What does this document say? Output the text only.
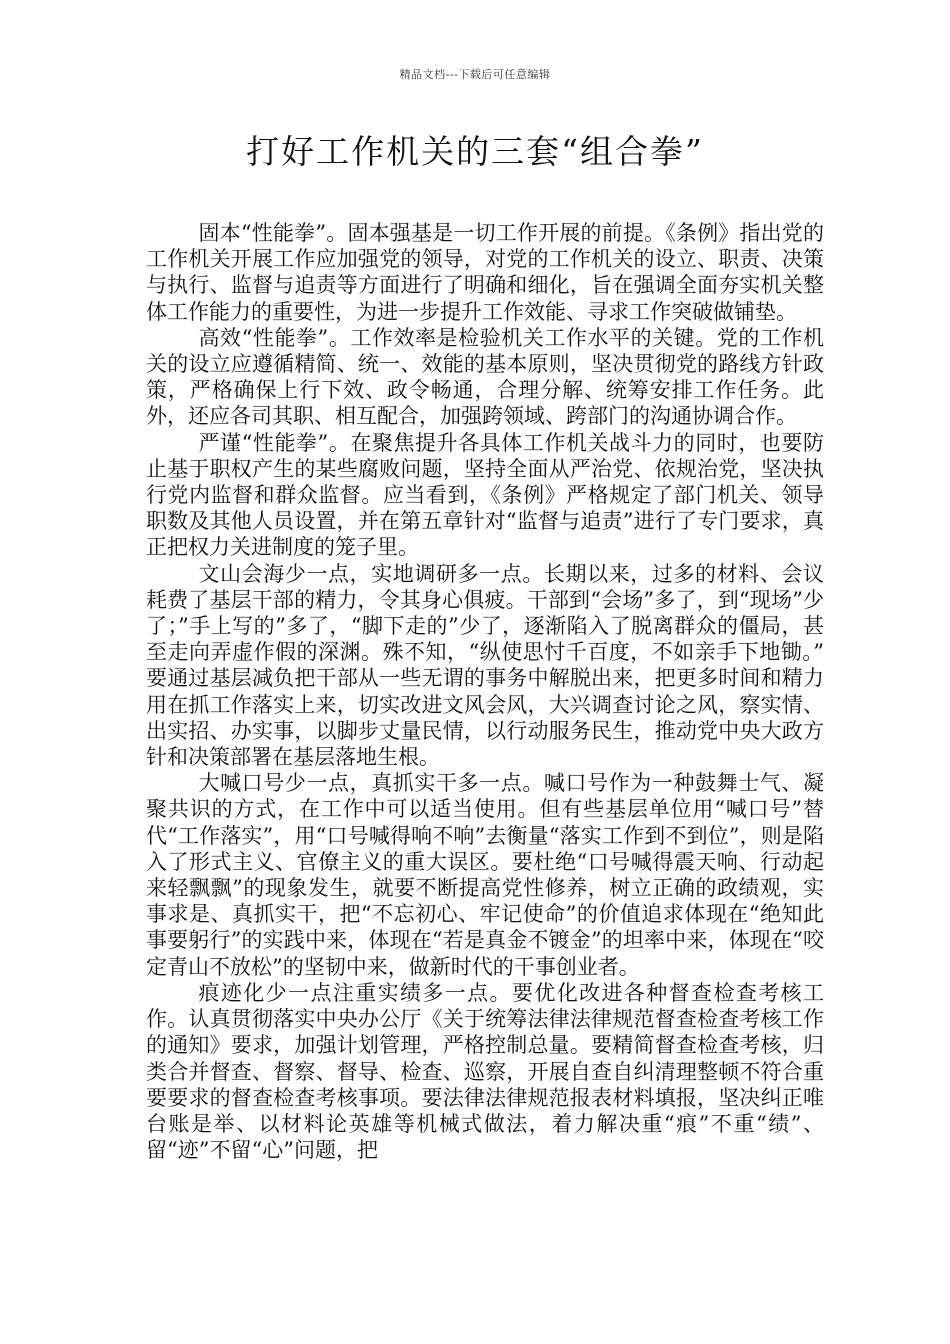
精品文档---下载后可任意编辑
打好工作机关的三套“组合拳”

固本“性能拳”。固本强基是一切工作开展的前提。《条例》指出党的工作机关开展工作应加强党的领导，对党的工作机关的设立、职责、决策与执行、监督与追责等方面进行了明确和细化，旨在强调全面夯实机关整体工作能力的重要性，为进一步提升工作效能、寻求工作突破做铺垫。

高效“性能拳”。工作效率是检验机关工作水平的关键。党的工作机关的设立应遵循精简、统一、效能的基本原则，坚决贯彻党的路线方针政策，严格确保上行下效、政令畅通，合理分解、统筹安排工作任务。此外，还应各司其职、相互配合，加强跨领域、跨部门的沟通协调合作。

严谨“性能拳”。在聚焦提升各具体工作机关战斗力的同时，也要防止基于职权产生的某些腐败问题，坚持全面从严治党、依规治党，坚决执行党内监督和群众监督。应当看到，《条例》严格规定了部门机关、领导职数及其他人员设置，并在第五章针对“监督与追责”进行了专门要求，真正把权力关进制度的笼子里。

文山会海少一点，实地调研多一点。长期以来，过多的材料、会议耗费了基层干部的精力，令其身心俱疲。干部到“会场”多了，到“现场”少了；”手上写的”多了，“脚下走的”少了，逐渐陷入了脱离群众的僵局，甚至走向弄虚作假的深渊。殊不知，“纵使思忖千百度，不如亲手下地锄。” 要通过基层减负把干部从一些无谓的事务中解脱出来，把更多时间和精力用在抓工作落实上来，切实改进文风会风，大兴调查讨论之风，察实情、出实招、办实事，以脚步丈量民情，以行动服务民生，推动党中央大政方针和决策部署在基层落地生根。

大喊口号少一点，真抓实干多一点。喊口号作为一种鼓舞士气、凝聚共识的方式，在工作中可以适当使用。但有些基层单位用“喊口号”替代“工作落实”，用“口号喊得响不响”去衡量“落实工作到不到位”，则是陷入了形式主义、官僚主义的重大误区。要杜绝“口号喊得震天响、行动起来轻飘飘”的现象发生，就要不断提高党性修养，树立正确的政绩观，实事求是、真抓实干，把“不忘初心、牢记使命”的价值追求体现在“绝知此事要躬行”的实践中来，体现在“若是真金不镀金”的坦率中来，体现在“咬定青山不放松”的坚韧中来，做新时代的干事创业者。

痕迹化少一点注重实绩多一点。要优化改进各种督查检查考核工作。认真贯彻落实中央办公厅《关于统筹法律法律规范督查检查考核工作的通知》要求，加强计划管理，严格控制总量。要精简督查检查考核，归类合并督查、督察、督导、检查、巡察，开展自查自纠清理整顿不符合重要要求的督查检查考核事项。要法律法律规范报表材料填报，坚决纠正唯台账是举、以材料论英雄等机械式做法，着力解决重“痕”不重“绩”、留“迹”不留“心”问题，把
